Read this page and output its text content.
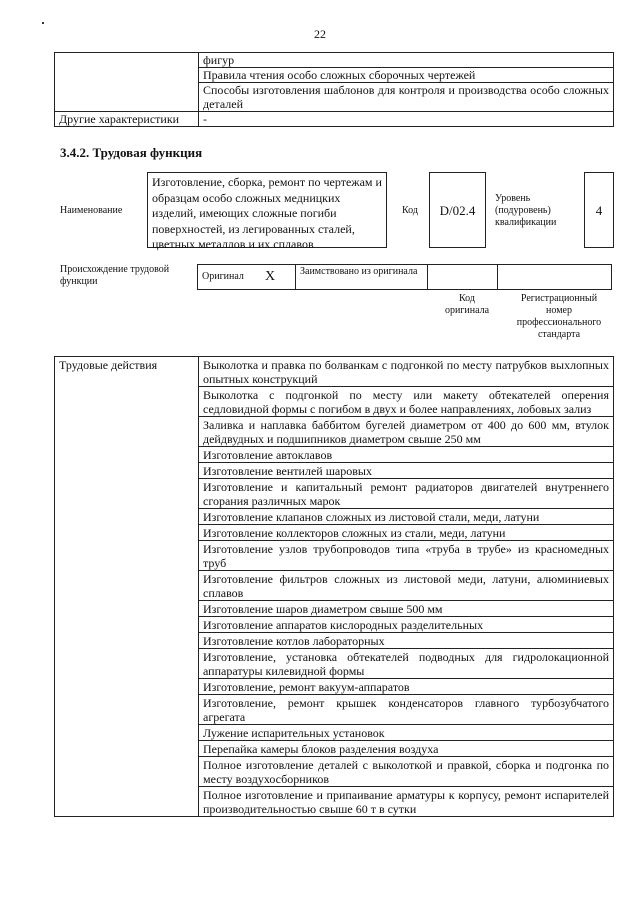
22
	фигур
	Правила чтения особо сложных сборочных чертежей
	Способы изготовления шаблонов для контроля и производства особо сложных деталей
Другие характеристики	-
3.4.2. Трудовая функция
Наименование
Изготовление, сборка, ремонт по чертежам и образцам особо сложных медницких изделий, имеющих сложные погиби поверхностей, из легированных сталей, цветных металлов и их сплавов
Код	D/02.4
Уровень (подуровень) квалификации
4
Происхождение трудовой функции	Оригинал	X	Заимствовано из оригинала		
Код оригинала
Регистрационный номер профессионального стандарта
Трудовые действия	Выколотка и правка по болванкам с подгонкой по месту патрубков выхлопных опытных конструкций
Выколотка с подгонкой по месту или макету обтекателей оперения седловидной формы с погибом в двух и более направлениях, лобовых зализ
Заливка и наплавка баббитом бугелей диаметром от 400 до 600 мм, втулок дейдвудных и подшипников диаметром свыше 250 мм
Изготовление автоклавов
Изготовление вентилей шаровых
Изготовление и капитальный ремонт радиаторов двигателей внутреннего сгорания различных марок
Изготовление клапанов сложных из листовой стали, меди, латуни
Изготовление коллекторов сложных из стали, меди, латуни
Изготовление узлов трубопроводов типа «труба в трубе» из красномедных труб
Изготовление фильтров сложных из листовой меди, латуни, алюминиевых сплавов
Изготовление шаров диаметром свыше 500 мм
Изготовление аппаратов кислородных разделительных
Изготовление котлов лабораторных
Изготовление, установка обтекателей подводных для гидролокационной аппаратуры килевидной формы
Изготовление, ремонт вакуум-аппаратов
Изготовление, ремонт крышек конденсаторов главного турбозубчатого агрегата
Лужение испарительных установок
Перепайка камеры блоков разделения воздуха
Полное изготовление деталей с выколоткой и правкой, сборка и подгонка по месту воздухосборников
Полное изготовление и припаивание арматуры к корпусу, ремонт испарителей производительностью свыше 60 т в сутки
